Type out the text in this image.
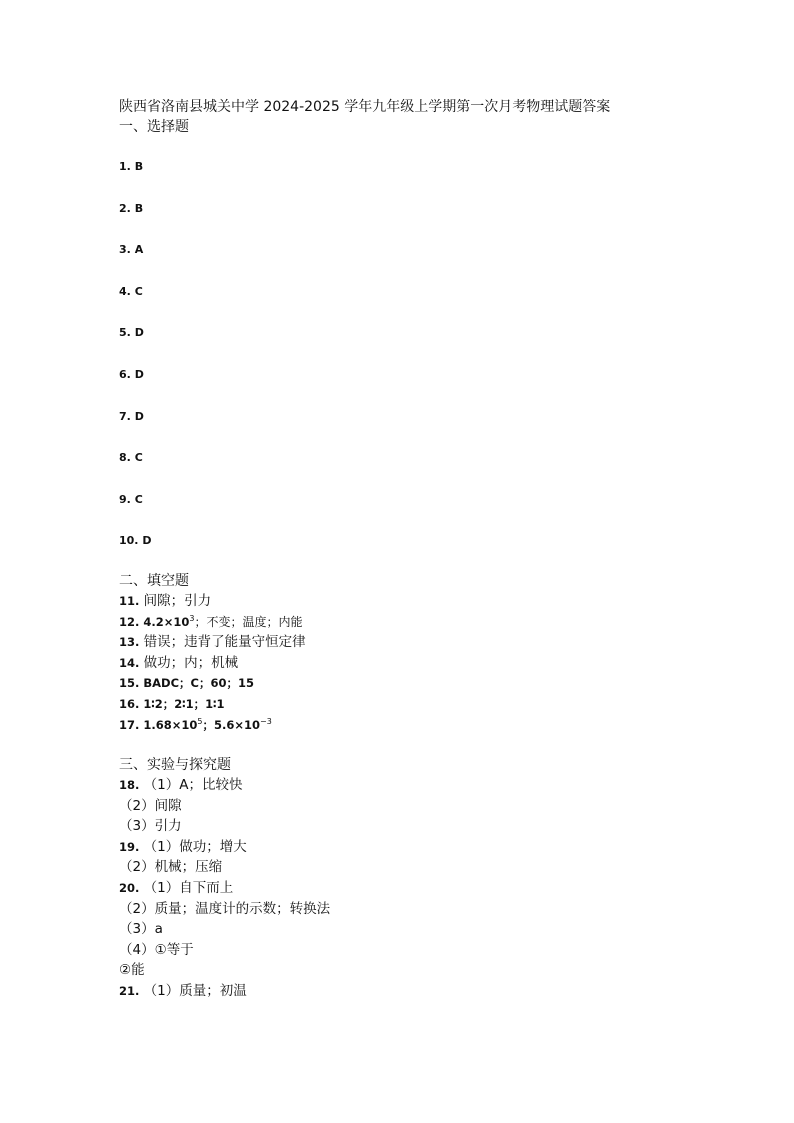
陕西省洛南县城关中学 2024-2025 学年九年级上学期第一次月考物理试题答案
一、选择题
1. B
2. B
3. A
4. C
5. D
6. D
7. D
8. C
9. C
10. D
二、填空题
11. 间隙；引力
12. $4.2\times 10^3$；不变；温度；内能
13. 错误；违背了能量守恒定律
14. 做功；内；机械
15. BADC；C；60；15
16. 1∶2；2∶1；1∶1
17. $1.68\times 10^5$；$5.6\times 10^{-3}$
三、实验与探究题
18. （1）A；比较快
（2）间隙
（3）引力
19. （1）做功；增大
（2）机械；压缩
20. （1）自下而上
（2）质量；温度计的示数；转换法
（3）a
（4）①等于
②能
21. （1）质量；初温
